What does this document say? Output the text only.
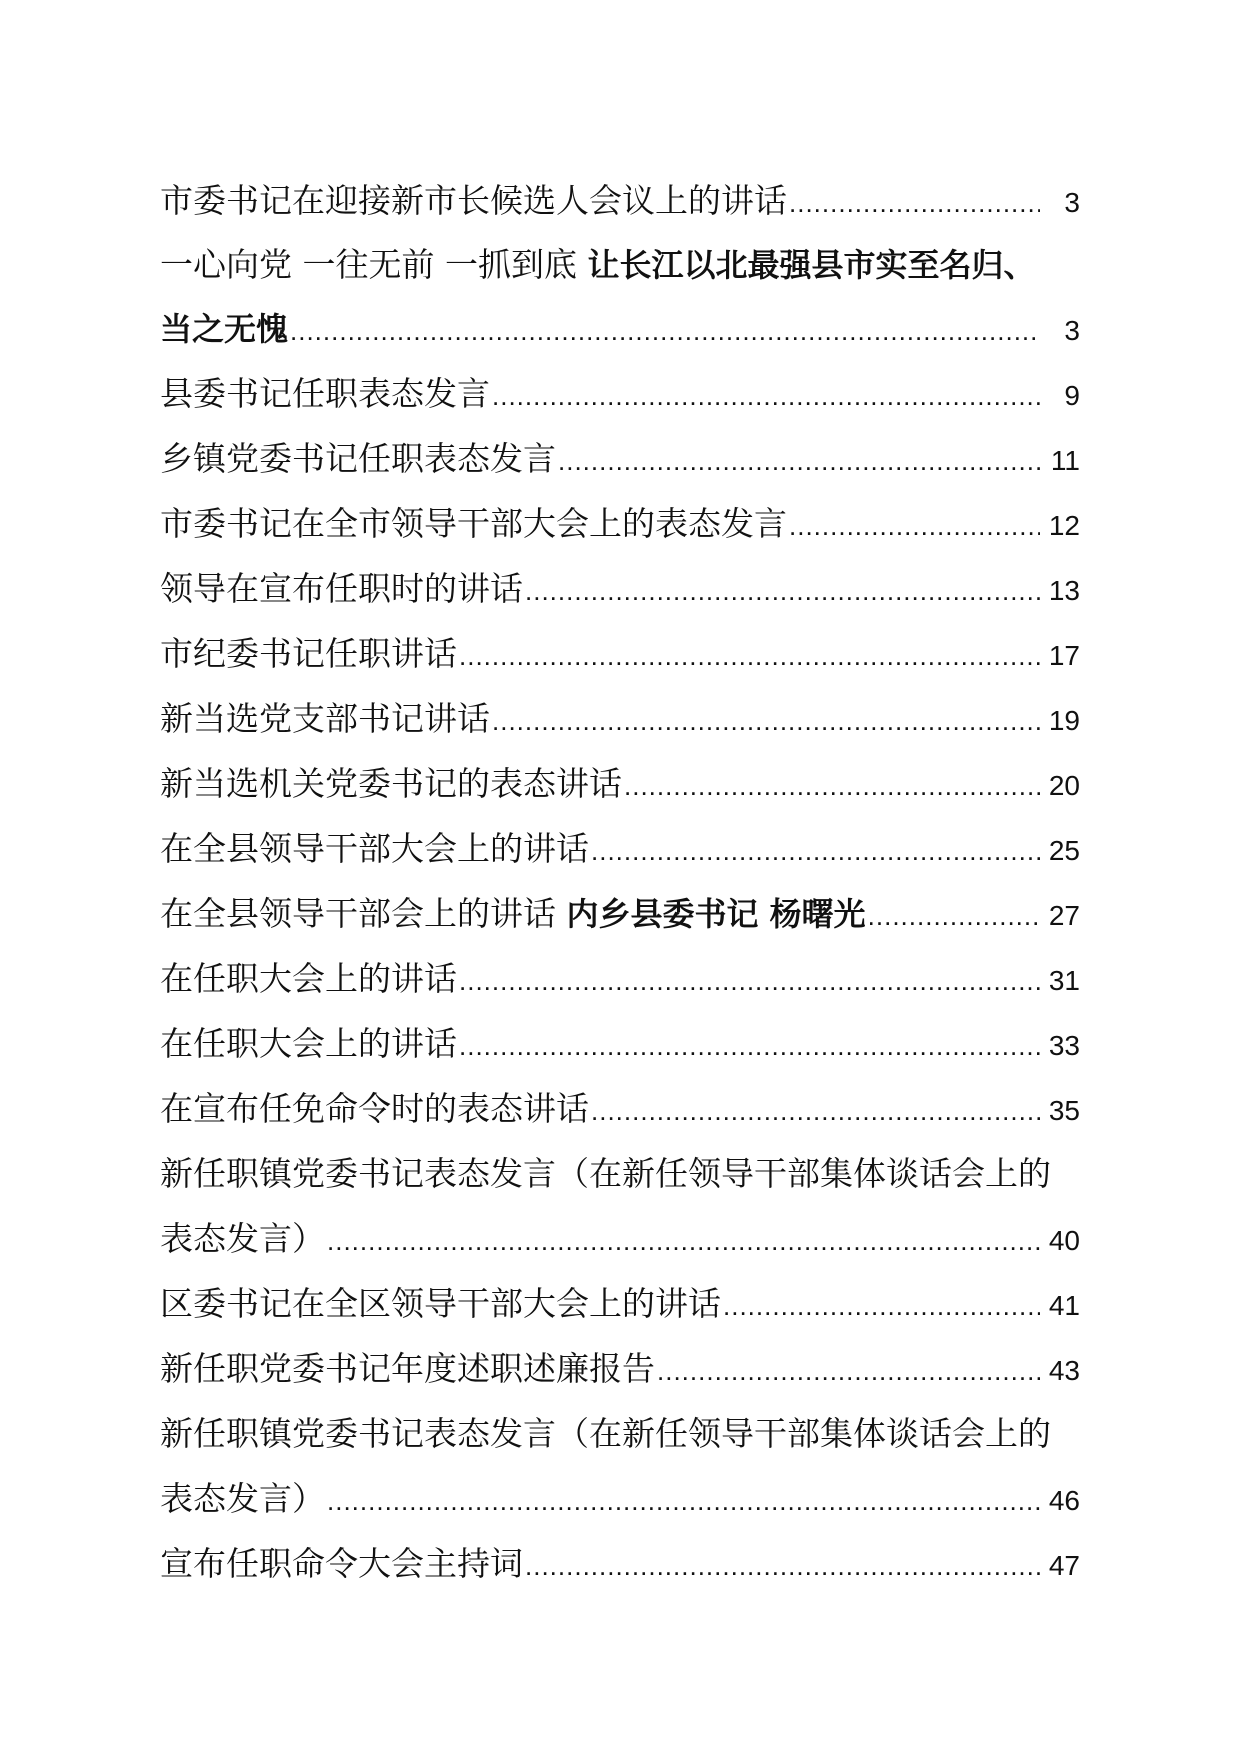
市委书记在迎接新市长候选人会议上的讲话 .....	3
一心向党 一往无前 一抓到底 让长江以北最强县市实至名归、
当之无愧 .....	3
县委书记任职表态发言 .....	9
乡镇党委书记任职表态发言 .....	11
市委书记在全市领导干部大会上的表态发言 .....	12
领导在宣布任职时的讲话 .....	13
市纪委书记任职讲话 .....	17
新当选党支部书记讲话 .....	19
新当选机关党委书记的表态讲话 .....	20
在全县领导干部大会上的讲话 .....	25
在全县领导干部会上的讲话 内乡县委书记 杨曙光 .....	27
在任职大会上的讲话 .....	31
在任职大会上的讲话 .....	33
在宣布任免命令时的表态讲话 .....	35
新任职镇党委书记表态发言（在新任领导干部集体谈话会上的
表态发言） .....	40
区委书记在全区领导干部大会上的讲话 .....	41
新任职党委书记年度述职述廉报告 .....	43
新任职镇党委书记表态发言（在新任领导干部集体谈话会上的
表态发言） .....	46
宣布任职命令大会主持词 .....	47
